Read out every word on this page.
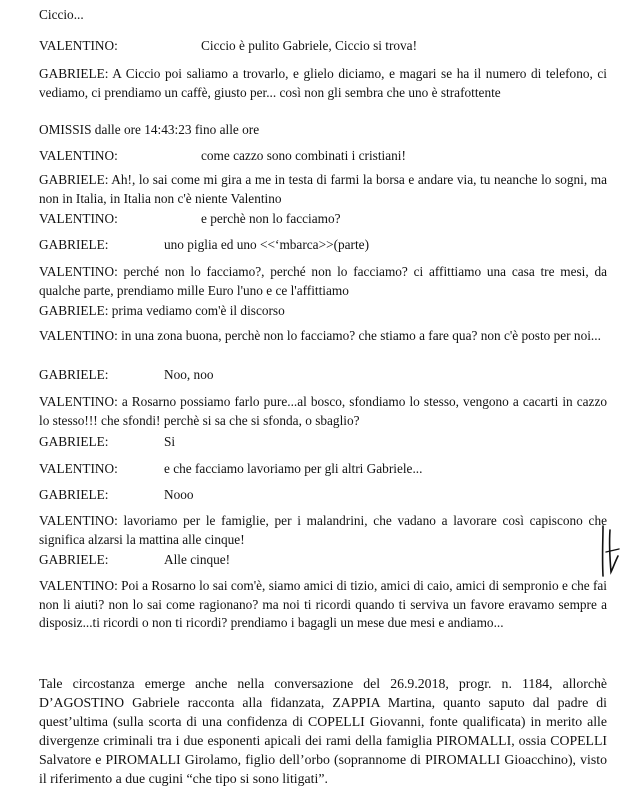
Ciccio...
VALENTINO:	Ciccio è pulito Gabriele, Ciccio si trova!
GABRIELE: A Ciccio poi saliamo a trovarlo, e glielo diciamo, e magari se ha il numero di telefono, ci vediamo, ci prendiamo un caffè, giusto per... così non gli sembra che uno è strafottente
OMISSIS dalle ore 14:43:23 fino alle ore
VALENTINO:	come cazzo sono combinati i cristiani!
GABRIELE: Ah!, lo sai come mi gira a me in testa di farmi la borsa e andare via, tu neanche lo sogni, ma non in Italia, in Italia non c'è niente Valentino
VALENTINO:	e perchè non lo facciamo?
GABRIELE:	uno piglia ed uno <<‘mbarca>>(parte)
VALENTINO: perché non lo facciamo?, perché non lo facciamo? ci affittiamo una casa tre mesi, da qualche parte, prendiamo mille Euro l'uno e ce l'affittiamo
GABRIELE: prima vediamo com'è il discorso
VALENTINO: in una zona buona, perchè non lo facciamo? che stiamo a fare qua? non c'è posto per noi...
GABRIELE:	Noo, noo
VALENTINO: a Rosarno possiamo farlo pure...al bosco, sfondiamo lo stesso, vengono a cacarti in cazzo lo stesso!!! che sfondi! perchè si sa che si sfonda, o sbaglio?
GABRIELE:	Si
VALENTINO:	e che facciamo lavoriamo per gli altri Gabriele...
GABRIELE:	Nooo
VALENTINO: lavoriamo per le famiglie, per i malandrini, che vadano a lavorare così capiscono che significa alzarsi la mattina alle cinque!
GABRIELE:	Alle cinque!
VALENTINO: Poi a Rosarno lo sai com'è, siamo amici di tizio, amici di caio, amici di sempronio e che fai non li aiuti? non lo sai come ragionano? ma noi ti ricordi quando ti serviva un favore eravamo sempre a disposiz...ti ricordi o non ti ricordi? prendiamo i bagagli un mese due mesi e andiamo...
Tale circostanza emerge anche nella conversazione del 26.9.2018, progr. n. 1184, allorchè D’AGOSTINO Gabriele racconta alla fidanzata, ZAPPIA Martina, quanto saputo dal padre di quest’ultima (sulla scorta di una confidenza di COPELLI Giovanni, fonte qualificata) in merito alle divergenze criminali tra i due esponenti apicali dei rami della famiglia PIROMALLI, ossia COPELLI Salvatore e PIROMALLI Girolamo, figlio dell’orbo (soprannome di PIROMALLI Gioacchino), visto il riferimento a due cugini “che tipo si sono litigati”.
